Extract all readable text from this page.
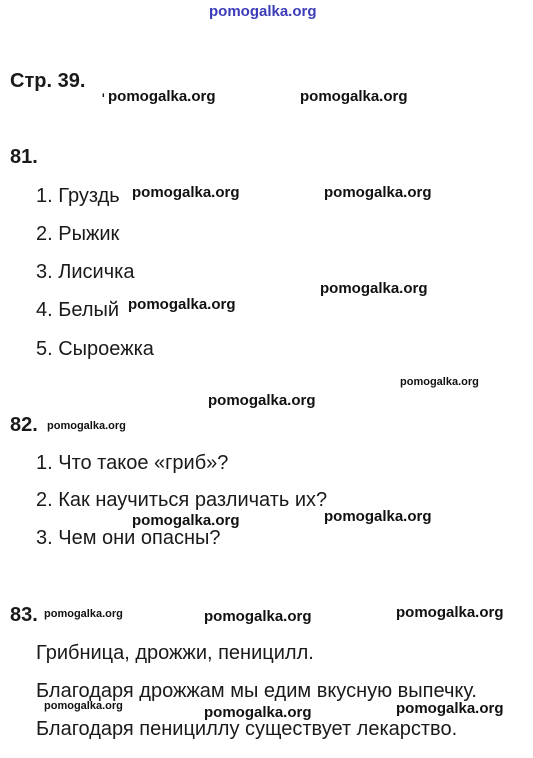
pomogalka.org
Стр. 39. ˌ
81.
1. Груздь
2. Рыжик
3. Лисичка
4. Белый
5. Сыроежка
82.
1. Что такое «гриб»?
2. Как научиться различать их?
3. Чем они опасны?
83.
Грибница, дрожжи, пеницилл.
Благодаря дрожжам мы едим вкусную выпечку.
Благодаря пенициллу существует лекарство.
pomogalka.org	pomogalka.org
pomogalka.org	pomogalka.org
pomogalka.org
pomogalka.org
pomogalka.org
pomogalka.org
pomogalka.org
pomogalka.org	pomogalka.org
pomogalka.org	pomogalka.org	pomogalka.org
pomogalka.org	pomogalka.org	pomogalka.org
